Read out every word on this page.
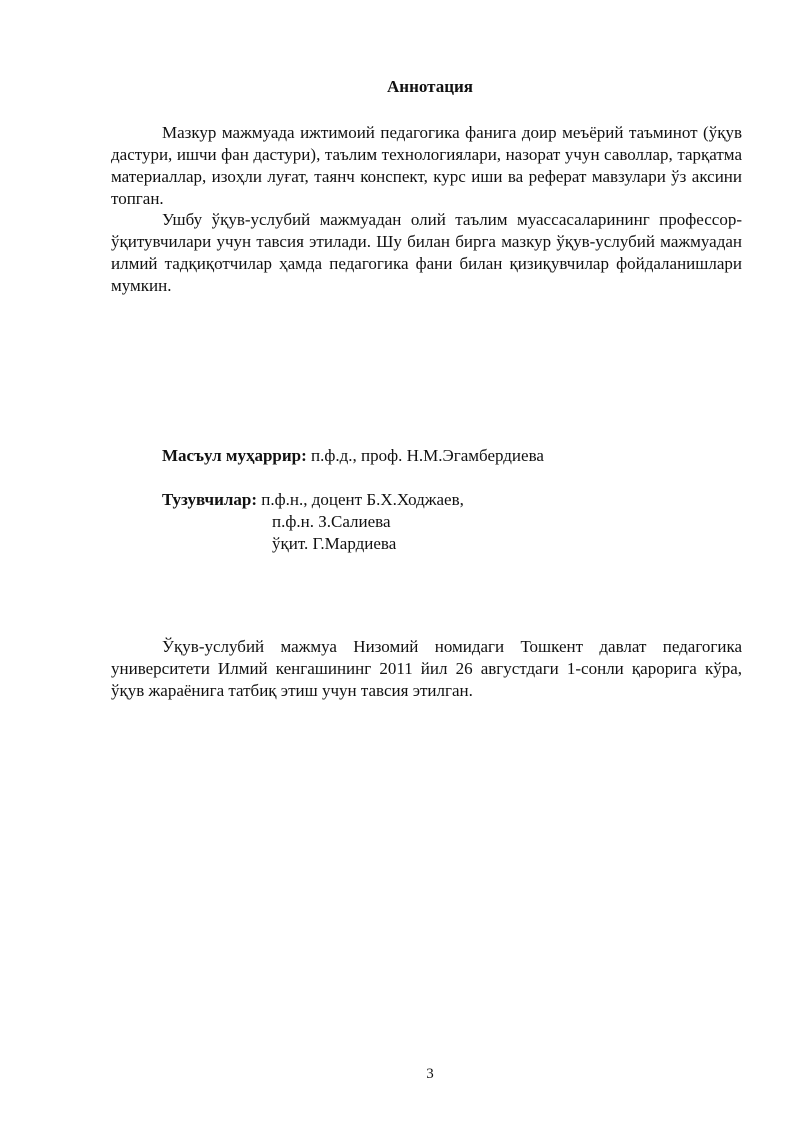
Аннотация

Мазкур мажмуада ижтимоий педагогика фанига доир меъёрий таъминот (ўқув дастури, ишчи фан дастури), таълим технологиялари, назорат учун саволлар, тарқатма материаллар, изоҳли луғат, таянч конспект, курс иши ва реферат мавзулари ўз аксини топган.

Ушбу ўқув-услубий мажмуадан олий таълим муассасаларининг профессор-ўқитувчилари учун тавсия этилади. Шу билан бирга мазкур ўқув-услубий мажмуадан илмий тадқиқотчилар ҳамда педагогика фани билан қизиқувчилар фойдаланишлари мумкин.

Масъул муҳаррир: п.ф.д., проф. Н.М.Эгамбердиева
Тузувчилар: п.ф.н., доцент Б.Х.Ходжаев,
п.ф.н. З.Салиева
ўқит. Г.Мардиева

Ўқув-услубий мажмуа Низомий номидаги Тошкент давлат педагогика университети Илмий кенгашининг 2011 йил 26 августдаги 1-сонли қарорига кўра, ўқув жараёнига татбиқ этиш учун тавсия этилган.

3
